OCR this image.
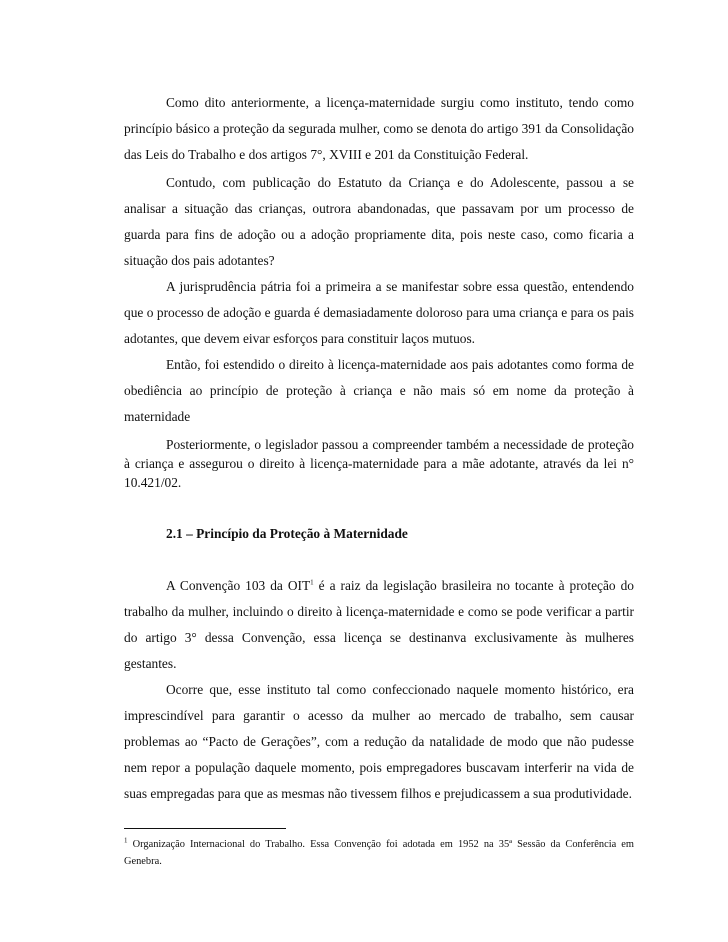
Como dito anteriormente, a licença-maternidade surgiu como instituto, tendo como princípio básico a proteção da segurada mulher, como se denota do artigo 391 da Consolidação das Leis do Trabalho e dos artigos 7°, XVIII e 201 da Constituição Federal.

Contudo, com publicação do Estatuto da Criança e do Adolescente, passou a se analisar a situação das crianças, outrora abandonadas, que passavam por um processo de guarda para fins de adoção ou a adoção propriamente dita, pois neste caso, como ficaria a situação dos pais adotantes?

A jurisprudência pátria foi a primeira a se manifestar sobre essa questão, entendendo que o processo de adoção e guarda é demasiadamente doloroso para uma criança e para os pais adotantes, que devem eivar esforços para constituir laços mutuos.

Então, foi estendido o direito à licença-maternidade aos pais adotantes como forma de obediência ao princípio de proteção à criança e não mais só em nome da proteção à maternidade

Posteriormente, o legislador passou a compreender também a necessidade de proteção à criança e assegurou o direito à licença-maternidade para a mãe adotante, através da lei n° 10.421/02.

2.1 – Princípio da Proteção à Maternidade

A Convenção 103 da OIT$^1$ é a raiz da legislação brasileira no tocante à proteção do trabalho da mulher, incluindo o direito à licença-maternidade e como se pode verificar a partir do artigo 3° dessa Convenção, essa licença se destinanva exclusivamente às mulheres gestantes.

Ocorre que, esse instituto tal como confeccionado naquele momento histórico, era imprescindível para garantir o acesso da mulher ao mercado de trabalho, sem causar problemas ao “Pacto de Gerações”, com a redução da natalidade de modo que não pudesse nem repor a população daquele momento, pois empregadores buscavam interferir na vida de suas empregadas para que as mesmas não tivessem filhos e prejudicassem a sua produtividade.

$^1$ Organização Internacional do Trabalho. Essa Convenção foi adotada em 1952 na 35ª Sessão da Conferência em Genebra.
